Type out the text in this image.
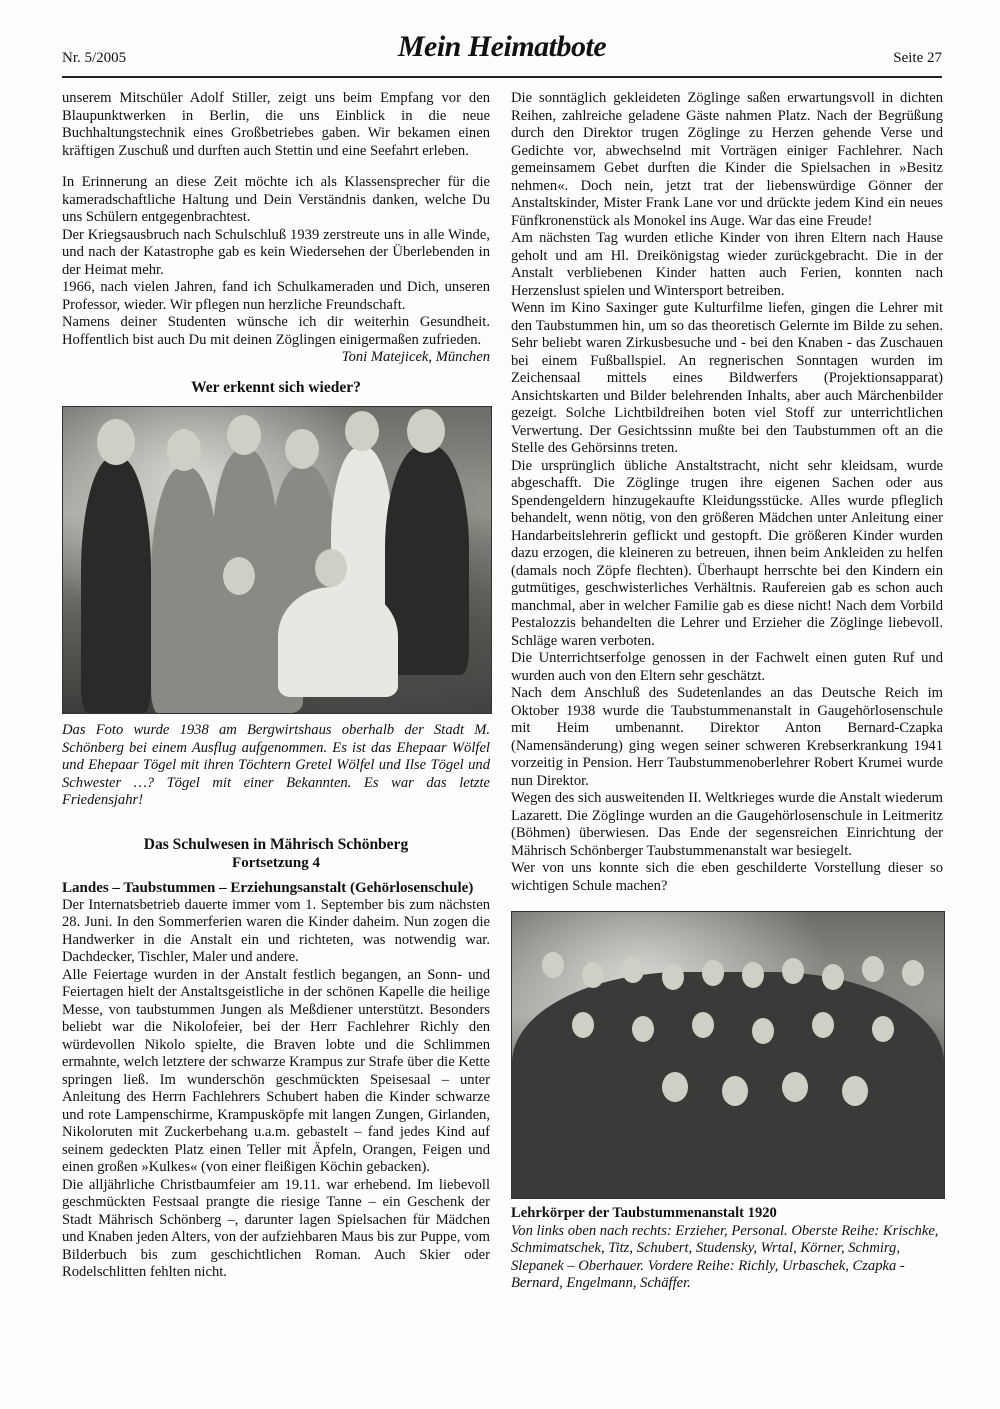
Nr. 5/2005	Mein Heimatbote	Seite 27

unserem Mitschüler Adolf Stiller, zeigt uns beim Empfang vor den Blaupunktwerken in Berlin, die uns Einblick in die neue Buchhaltungstechnik eines Großbetriebes gaben. Wir bekamen einen kräftigen Zuschuß und durften auch Stettin und eine Seefahrt erleben.

In Erinnerung an diese Zeit möchte ich als Klassensprecher für die kameradschaftliche Haltung und Dein Verständnis danken, welche Du uns Schülern entgegenbrachtest.

Der Kriegsausbruch nach Schulschluß 1939 zerstreute uns in alle Winde, und nach der Katastrophe gab es kein Wiedersehen der Überlebenden in der Heimat mehr.

1966, nach vielen Jahren, fand ich Schulkameraden und Dich, unseren Professor, wieder. Wir pflegen nun herzliche Freundschaft.

Namens deiner Studenten wünsche ich dir weiterhin Gesundheit. Hoffentlich bist auch Du mit deinen Zöglingen einigermaßen zufrieden.

Toni Matejicek, München
Wer erkennt sich wieder?
Das Foto wurde 1938 am Bergwirtshaus oberhalb der Stadt M. Schönberg bei einem Ausflug aufgenommen. Es ist das Ehepaar Wölfel und Ehepaar Tögel mit ihren Töchtern Gretel Wölfel und Ilse Tögel und Schwester …? Tögel mit einer Bekannten. Es war das letzte Friedensjahr!
Das Schulwesen in Mährisch Schönberg
Fortsetzung 4
Landes – Taubstummen – Erziehungsanstalt (Gehörlosenschule)

Der Internatsbetrieb dauerte immer vom 1. September bis zum nächsten 28. Juni. In den Sommerferien waren die Kinder daheim. Nun zogen die Handwerker in die Anstalt ein und richteten, was notwendig war. Dachdecker, Tischler, Maler und andere.

Alle Feiertage wurden in der Anstalt festlich begangen, an Sonn- und Feiertagen hielt der Anstaltsgeistliche in der schönen Kapelle die heilige Messe, von taubstummen Jungen als Meßdiener unterstützt. Besonders beliebt war die Nikolofeier, bei der Herr Fachlehrer Richly den würdevollen Nikolo spielte, die Braven lobte und die Schlimmen ermahnte, welch letztere der schwarze Krampus zur Strafe über die Kette springen ließ. Im wunderschön geschmückten Speisesaal – unter Anleitung des Herrn Fachlehrers Schubert haben die Kinder schwarze und rote Lampenschirme, Krampusköpfe mit langen Zungen, Girlanden, Nikoloruten mit Zuckerbehang u.a.m. gebastelt – fand jedes Kind auf seinem gedeckten Platz einen Teller mit Äpfeln, Orangen, Feigen und einen großen »Kulkes« (von einer fleißigen Köchin gebacken).

Die alljährliche Christbaumfeier am 19.11. war erhebend. Im liebevoll geschmückten Festsaal prangte die riesige Tanne – ein Geschenk der Stadt Mährisch Schönberg –, darunter lagen Spielsachen für Mädchen und Knaben jeden Alters, von der aufziehbaren Maus bis zur Puppe, vom Bilderbuch bis zum geschichtlichen Roman. Auch Skier oder Rodelschlitten fehlten nicht.

Die sonntäglich gekleideten Zöglinge saßen erwartungsvoll in dichten Reihen, zahlreiche geladene Gäste nahmen Platz. Nach der Begrüßung durch den Direktor trugen Zöglinge zu Herzen gehende Verse und Gedichte vor, abwechselnd mit Vorträgen einiger Fachlehrer. Nach gemeinsamem Gebet durften die Kinder die Spielsachen in »Besitz nehmen«. Doch nein, jetzt trat der liebenswürdige Gönner der Anstaltskinder, Mister Frank Lane vor und drückte jedem Kind ein neues Fünfkronenstück als Monokel ins Auge. War das eine Freude!

Am nächsten Tag wurden etliche Kinder von ihren Eltern nach Hause geholt und am Hl. Dreikönigstag wieder zurückgebracht. Die in der Anstalt verbliebenen Kinder hatten auch Ferien, konnten nach Herzenslust spielen und Wintersport betreiben.

Wenn im Kino Saxinger gute Kulturfilme liefen, gingen die Lehrer mit den Taubstummen hin, um so das theoretisch Gelernte im Bilde zu sehen. Sehr beliebt waren Zirkusbesuche und - bei den Knaben - das Zuschauen bei einem Fußballspiel. An regnerischen Sonntagen wurden im Zeichensaal mittels eines Bildwerfers (Projektionsapparat) Ansichtskarten und Bilder belehrenden Inhalts, aber auch Märchenbilder gezeigt. Solche Lichtbildreihen boten viel Stoff zur unterrichtlichen Verwertung. Der Gesichtssinn mußte bei den Taubstummen oft an die Stelle des Gehörsinns treten.

Die ursprünglich übliche Anstaltstracht, nicht sehr kleidsam, wurde abgeschafft. Die Zöglinge trugen ihre eigenen Sachen oder aus Spendengeldern hinzugekaufte Kleidungsstücke. Alles wurde pfleglich behandelt, wenn nötig, von den größeren Mädchen unter Anleitung einer Handarbeitslehrerin geflickt und gestopft. Die größeren Kinder wurden dazu erzogen, die kleineren zu betreuen, ihnen beim Ankleiden zu helfen (damals noch Zöpfe flechten). Überhaupt herrschte bei den Kindern ein gutmütiges, geschwisterliches Verhältnis. Raufereien gab es schon auch manchmal, aber in welcher Familie gab es diese nicht! Nach dem Vorbild Pestalozzis behandelten die Lehrer und Erzieher die Zöglinge liebevoll. Schläge waren verboten.

Die Unterrichtserfolge genossen in der Fachwelt einen guten Ruf und wurden auch von den Eltern sehr geschätzt.

Nach dem Anschluß des Sudetenlandes an das Deutsche Reich im Oktober 1938 wurde die Taubstummenanstalt in Gaugehörlosenschule mit Heim umbenannt. Direktor Anton Bernard-Czapka (Namensänderung) ging wegen seiner schweren Krebserkrankung 1941 vorzeitig in Pension. Herr Taubstummenoberlehrer Robert Krumei wurde nun Direktor.

Wegen des sich ausweitenden II. Weltkrieges wurde die Anstalt wiederum Lazarett. Die Zöglinge wurden an die Gaugehörlosenschule in Leitmeritz (Böhmen) überwiesen. Das Ende der segensreichen Einrichtung der Mährisch Schönberger Taubstummenanstalt war besiegelt.

Wer von uns konnte sich die eben geschilderte Vorstellung dieser so wichtigen Schule machen?

Lehrkörper der Taubstummenanstalt 1920
Von links oben nach rechts: Erzieher, Personal. Oberste Reihe: Krischke, Schmimatschek, Titz, Schubert, Studensky, Wrtal, Körner, Schmirg, Slepanek – Oberhauer. Vordere Reihe: Richly, Urbaschek, Czapka - Bernard, Engelmann, Schäffer.
